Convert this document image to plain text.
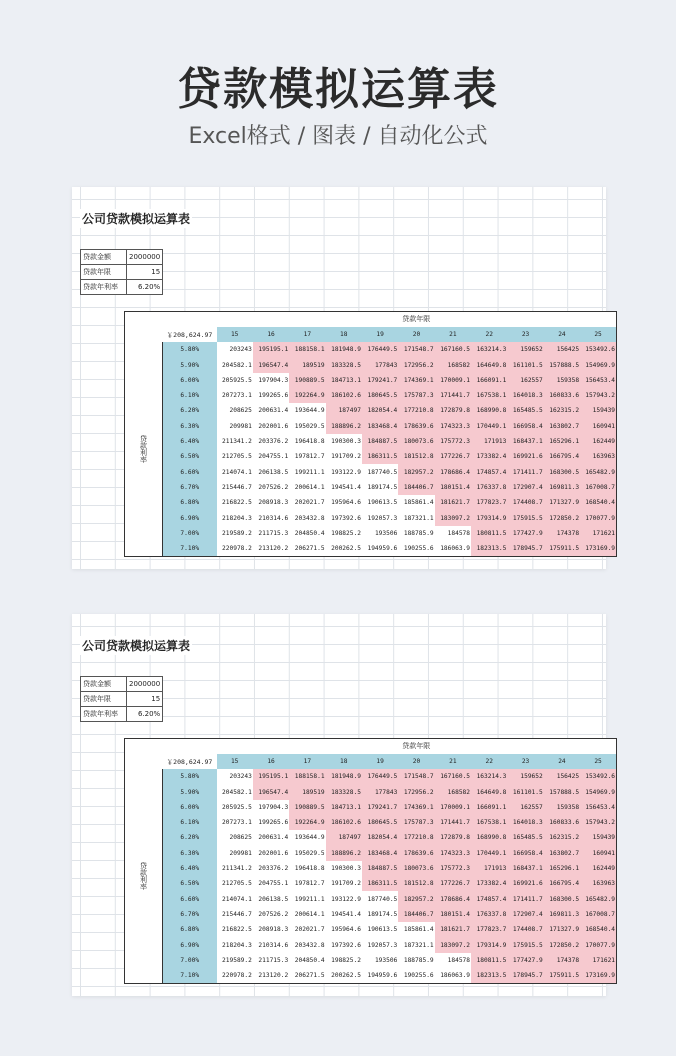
贷款模拟运算表
Excel格式 / 图表 / 自动化公式
公司贷款模拟运算表
贷款金额	2000000
贷款年限	15
贷款年利率	6.20%
		贷款年限										
	￥208,624.97	15	16	17	18	19	20	21	22	23	24	25
贷款利率	5.80%	203243	195195.1	188158.1	181948.9	176449.5	171548.7	167160.5	163214.3	159652	156425	153492.6
	5.90%	204582.1	196547.4	189519	183328.5	177843	172956.2	168582	164649.8	161101.5	157888.5	154969.9
	6.00%	205925.5	197904.3	190889.5	184713.1	179241.7	174369.1	170009.1	166091.1	162557	159358	156453.4
	6.10%	207273.1	199265.6	192264.9	186102.6	180645.5	175787.3	171441.7	167538.1	164018.3	160833.6	157943.2
	6.20%	208625	200631.4	193644.9	187497	182054.4	177210.8	172879.8	168990.8	165485.5	162315.2	159439
	6.30%	209981	202001.6	195029.5	188896.2	183468.4	178639.6	174323.3	170449.1	166958.4	163802.7	160941
	6.40%	211341.2	203376.2	196418.8	190300.3	184887.5	180073.6	175772.3	171913	168437.1	165296.1	162449
	6.50%	212705.5	204755.1	197812.7	191709.2	186311.5	181512.8	177226.7	173382.4	169921.6	166795.4	163963
	6.60%	214074.1	206138.5	199211.1	193122.9	187740.5	182957.2	178686.4	174857.4	171411.7	168300.5	165482.9
	6.70%	215446.7	207526.2	200614.1	194541.4	189174.5	184406.7	180151.4	176337.8	172907.4	169811.3	167008.7
	6.80%	216822.5	208918.3	202021.7	195964.6	190613.5	185861.4	181621.7	177823.7	174408.7	171327.9	168540.4
	6.90%	218204.3	210314.6	203432.8	197392.6	192057.3	187321.1	183097.2	179314.9	175915.5	172850.2	170077.9
	7.00%	219589.2	211715.3	204850.4	198825.2	193506	188785.9	184578	180811.5	177427.9	174378	171621
	7.10%	220978.2	213120.2	206271.5	200262.5	194959.6	190255.6	186063.9	182313.5	178945.7	175911.5	173169.9
公司贷款模拟运算表
贷款金额	2000000
贷款年限	15
贷款年利率	6.20%
		贷款年限										
	￥208,624.97	15	16	17	18	19	20	21	22	23	24	25
贷款利率	5.80%	203243	195195.1	188158.1	181948.9	176449.5	171548.7	167160.5	163214.3	159652	156425	153492.6
	5.90%	204582.1	196547.4	189519	183328.5	177843	172956.2	168582	164649.8	161101.5	157888.5	154969.9
	6.00%	205925.5	197904.3	190889.5	184713.1	179241.7	174369.1	170009.1	166091.1	162557	159358	156453.4
	6.10%	207273.1	199265.6	192264.9	186102.6	180645.5	175787.3	171441.7	167538.1	164018.3	160833.6	157943.2
	6.20%	208625	200631.4	193644.9	187497	182054.4	177210.8	172879.8	168990.8	165485.5	162315.2	159439
	6.30%	209981	202001.6	195029.5	188896.2	183468.4	178639.6	174323.3	170449.1	166958.4	163802.7	160941
	6.40%	211341.2	203376.2	196418.8	190300.3	184887.5	180073.6	175772.3	171913	168437.1	165296.1	162449
	6.50%	212705.5	204755.1	197812.7	191709.2	186311.5	181512.8	177226.7	173382.4	169921.6	166795.4	163963
	6.60%	214074.1	206138.5	199211.1	193122.9	187740.5	182957.2	178686.4	174857.4	171411.7	168300.5	165482.9
	6.70%	215446.7	207526.2	200614.1	194541.4	189174.5	184406.7	180151.4	176337.8	172907.4	169811.3	167008.7
	6.80%	216822.5	208918.3	202021.7	195964.6	190613.5	185861.4	181621.7	177823.7	174408.7	171327.9	168540.4
	6.90%	218204.3	210314.6	203432.8	197392.6	192057.3	187321.1	183097.2	179314.9	175915.5	172850.2	170077.9
	7.00%	219589.2	211715.3	204850.4	198825.2	193506	188785.9	184578	180811.5	177427.9	174378	171621
	7.10%	220978.2	213120.2	206271.5	200262.5	194959.6	190255.6	186063.9	182313.5	178945.7	175911.5	173169.9
